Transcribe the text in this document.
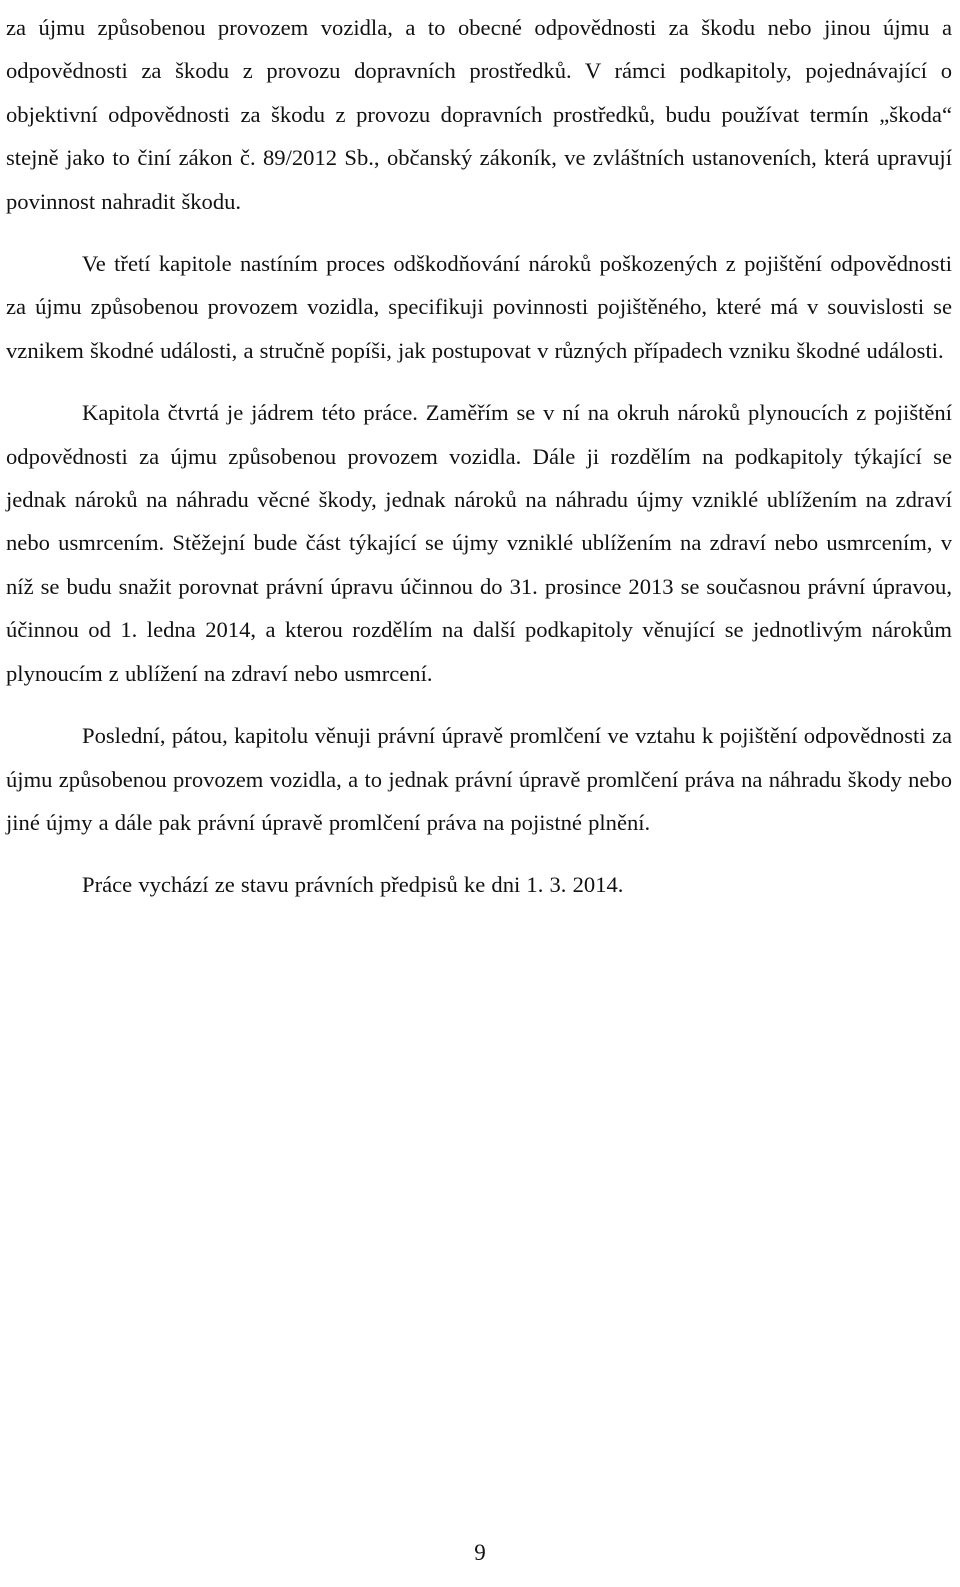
za újmu způsobenou provozem vozidla, a to obecné odpovědnosti za škodu nebo jinou újmu a odpovědnosti za škodu z provozu dopravních prostředků. V rámci podkapitoly, pojednávající o objektivní odpovědnosti za škodu z provozu dopravních prostředků, budu používat termín „škoda“ stejně jako to činí zákon č. 89/2012 Sb., občanský zákoník, ve zvláštních ustanoveních, která upravují povinnost nahradit škodu.

Ve třetí kapitole nastíním proces odškodňování nároků poškozených z pojištění odpovědnosti za újmu způsobenou provozem vozidla, specifikuji povinnosti pojištěného, které má v souvislosti se vznikem škodné události, a stručně popíši, jak postupovat v různých případech vzniku škodné události.

Kapitola čtvrtá je jádrem této práce. Zaměřím se v ní na okruh nároků plynoucích z pojištění odpovědnosti za újmu způsobenou provozem vozidla. Dále ji rozdělím na podkapitoly týkající se jednak nároků na náhradu věcné škody, jednak nároků na náhradu újmy vzniklé ublížením na zdraví nebo usmrcením. Stěžejní bude část týkající se újmy vzniklé ublížením na zdraví nebo usmrcením, v níž se budu snažit porovnat právní úpravu účinnou do 31. prosince 2013 se současnou právní úpravou, účinnou od 1. ledna 2014, a kterou rozdělím na další podkapitoly věnující se jednotlivým nárokům plynoucím z ublížení na zdraví nebo usmrcení.

Poslední, pátou, kapitolu věnuji právní úpravě promlčení ve vztahu k pojištění odpovědnosti za újmu způsobenou provozem vozidla, a to jednak právní úpravě promlčení práva na náhradu škody nebo jiné újmy a dále pak právní úpravě promlčení práva na pojistné plnění.

Práce vychází ze stavu právních předpisů ke dni 1. 3. 2014.

9
